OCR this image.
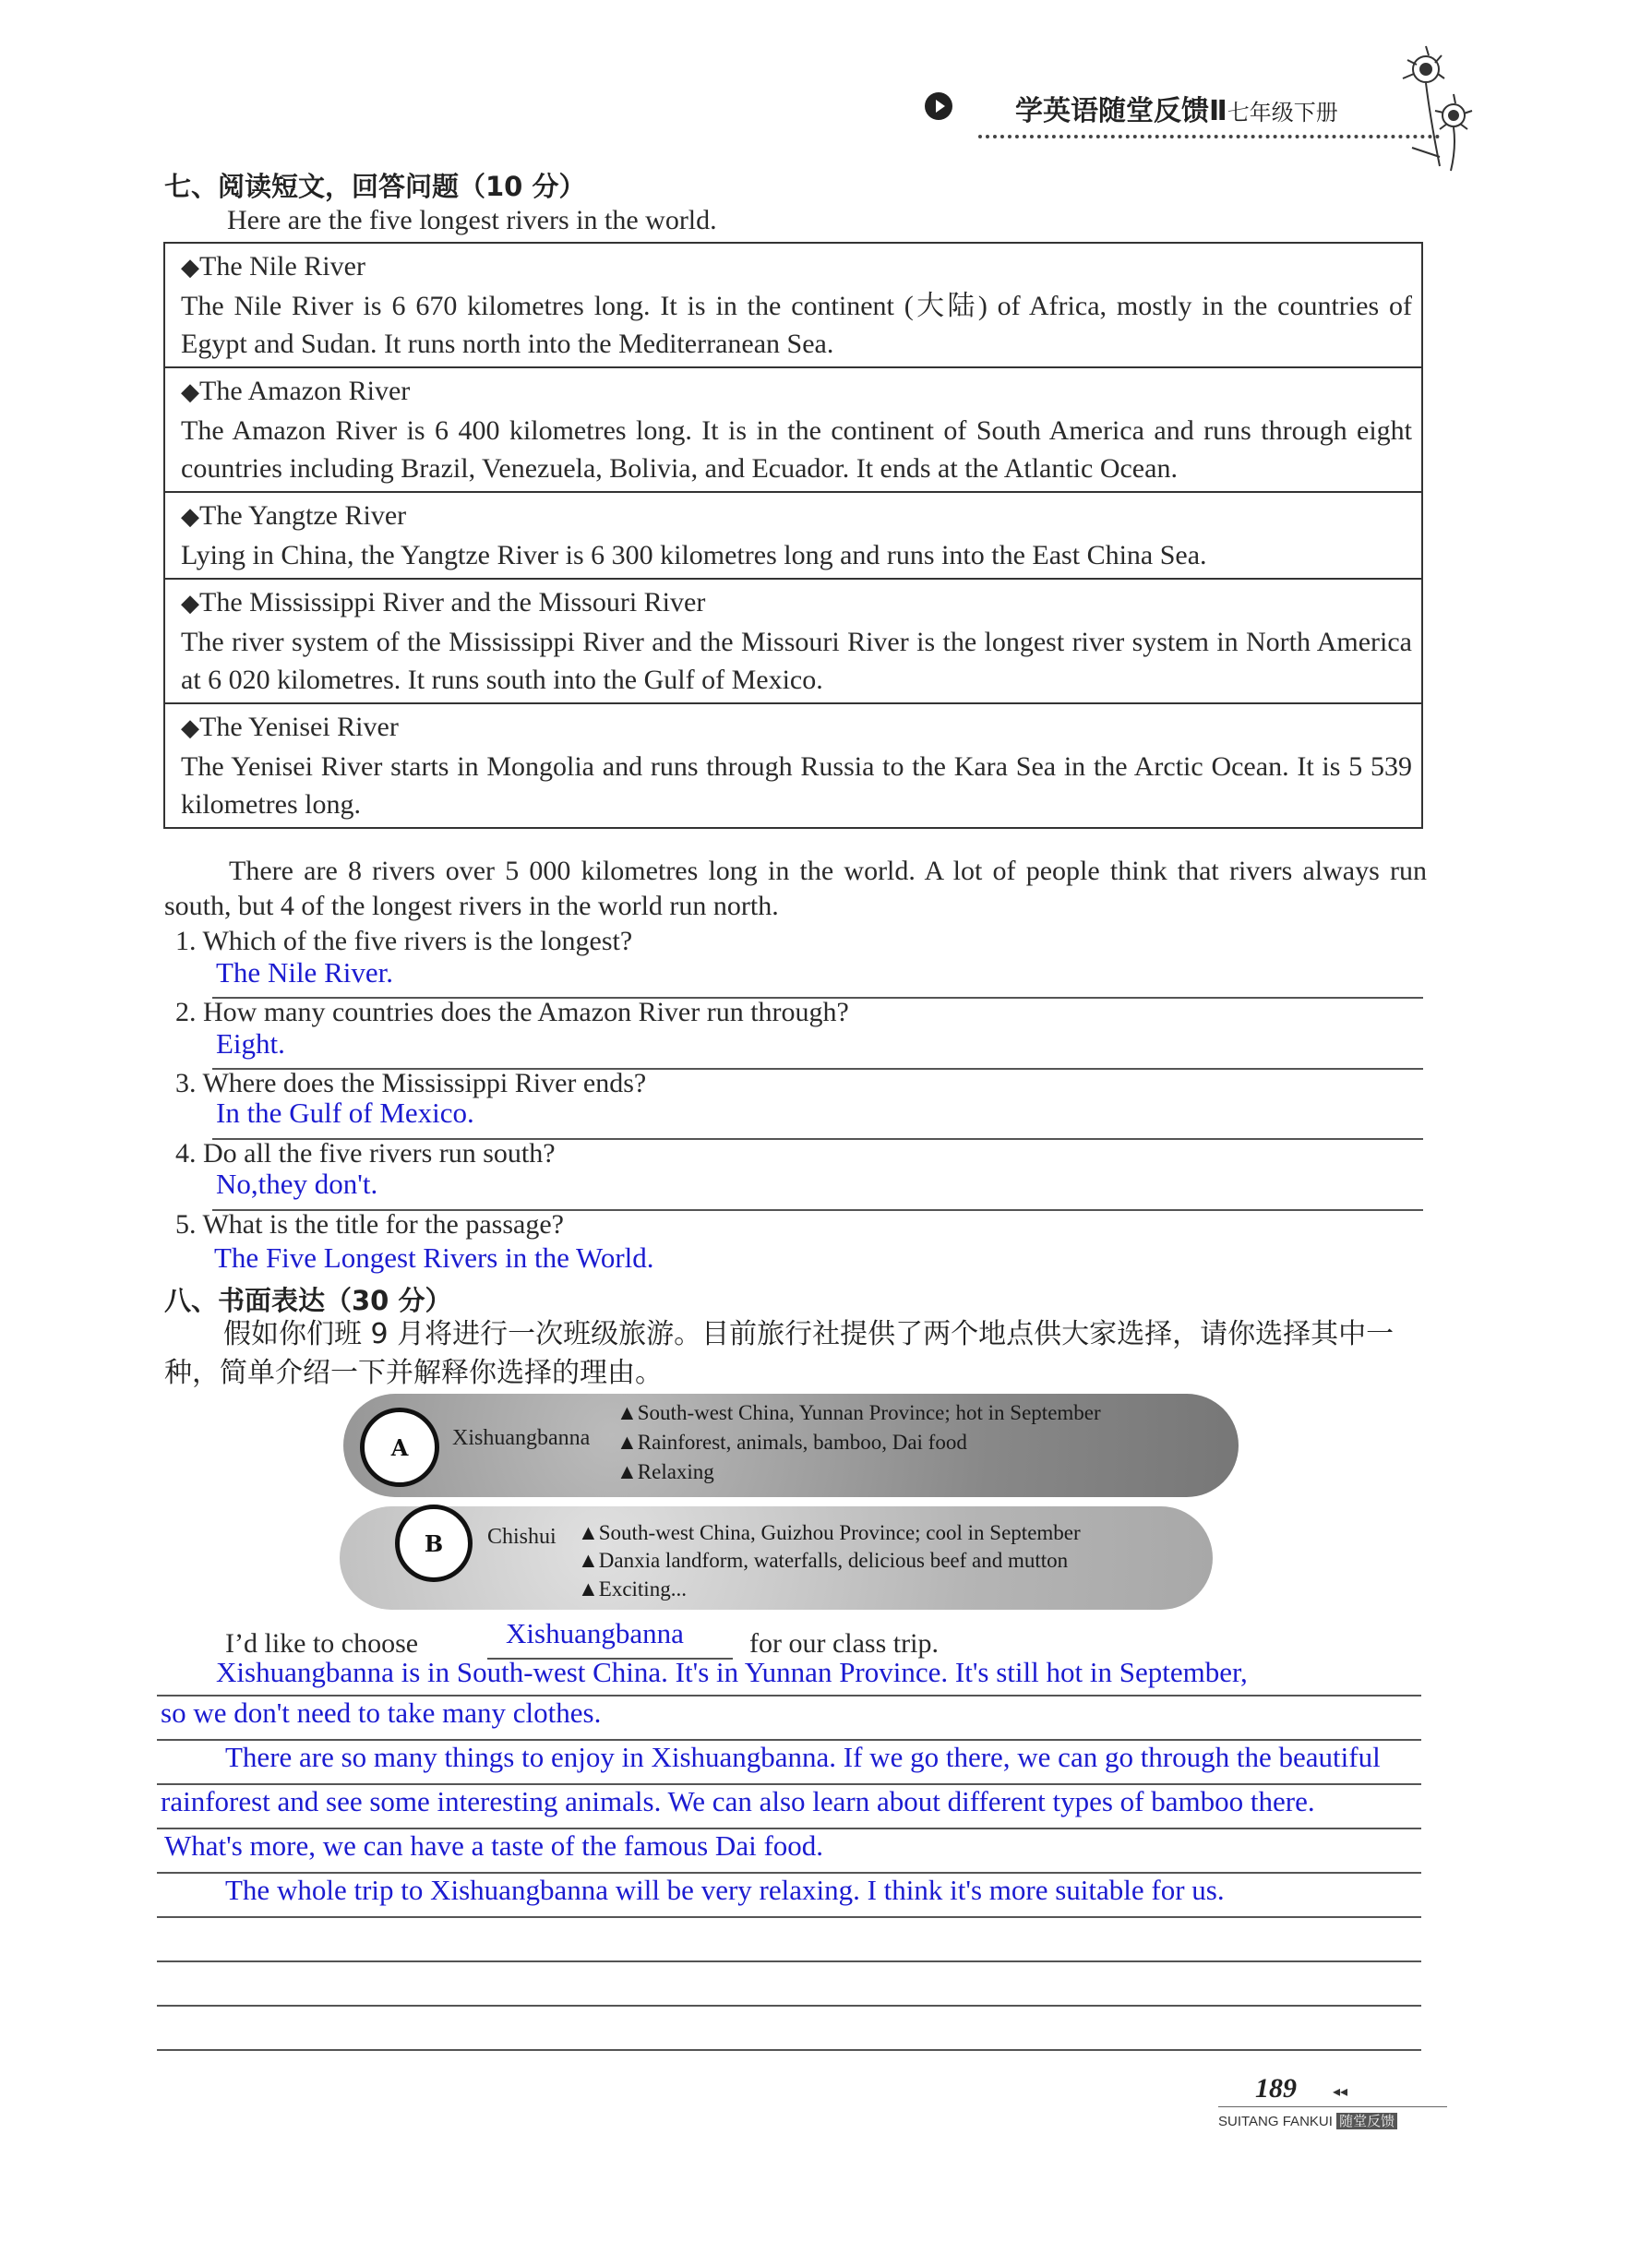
学英语随堂反馈Ⅱ七年级下册
七、阅读短文，回答问题（10 分）
Here are the five longest rivers in the world.
◆The Nile River
The Nile River is 6 670 kilometres long. It is in the continent (大陆) of Africa, mostly in the countries of Egypt and Sudan. It runs north into the Mediterranean Sea.
◆The Amazon River
The Amazon River is 6 400 kilometres long. It is in the continent of South America and runs through eight countries including Brazil, Venezuela, Bolivia, and Ecuador. It ends at the Atlantic Ocean.
◆The Yangtze River
Lying in China, the Yangtze River is 6 300 kilometres long and runs into the East China Sea.
◆The Mississippi River and the Missouri River
The river system of the Mississippi River and the Missouri River is the longest river system in North America at 6 020 kilometres. It runs south into the Gulf of Mexico.
◆The Yenisei River
The Yenisei River starts in Mongolia and runs through Russia to the Kara Sea in the Arctic Ocean. It is 5 539 kilometres long.
There are 8 rivers over 5 000 kilometres long in the world. A lot of people think that rivers always run south, but 4 of the longest rivers in the world run north.
1. Which of the five rivers is the longest?
The Nile River.
2. How many countries does the Amazon River run through?
Eight.
3. Where does the Mississippi River ends?
In the Gulf of Mexico.
4. Do all the five rivers run south?
No,they don't.
5. What is the title for the passage?
The Five Longest Rivers in the World.
八、书面表达（30 分）
假如你们班 9 月将进行一次班级旅游。目前旅行社提供了两个地点供大家选择，请你选择其中一种，简单介绍一下并解释你选择的理由。
A	Xishuangbanna
▲South-west China, Yunnan Province; hot in September
▲Rainforest, animals, bamboo, Dai food
▲Relaxing
B	Chishui ▲South-west China, Guizhou Province; cool in September
▲Danxia landform, waterfalls, delicious beef and mutton
▲Exciting...
I’d like to choose	Xishuangbanna for our class trip.
Xishuangbanna is in South-west China. It's in Yunnan Province. It's still hot in September,
so we don't need to take many clothes.
There are so many things to enjoy in Xishuangbanna. If we go there, we can go through the beautiful
rainforest and see some interesting animals. We can also learn about different types of bamboo there.
What's more, we can have a taste of the famous Dai food.
The whole trip to Xishuangbanna will be very relaxing. I think it's more suitable for us.
189 ◂◂
SUITANG FANKUI 随堂反馈
